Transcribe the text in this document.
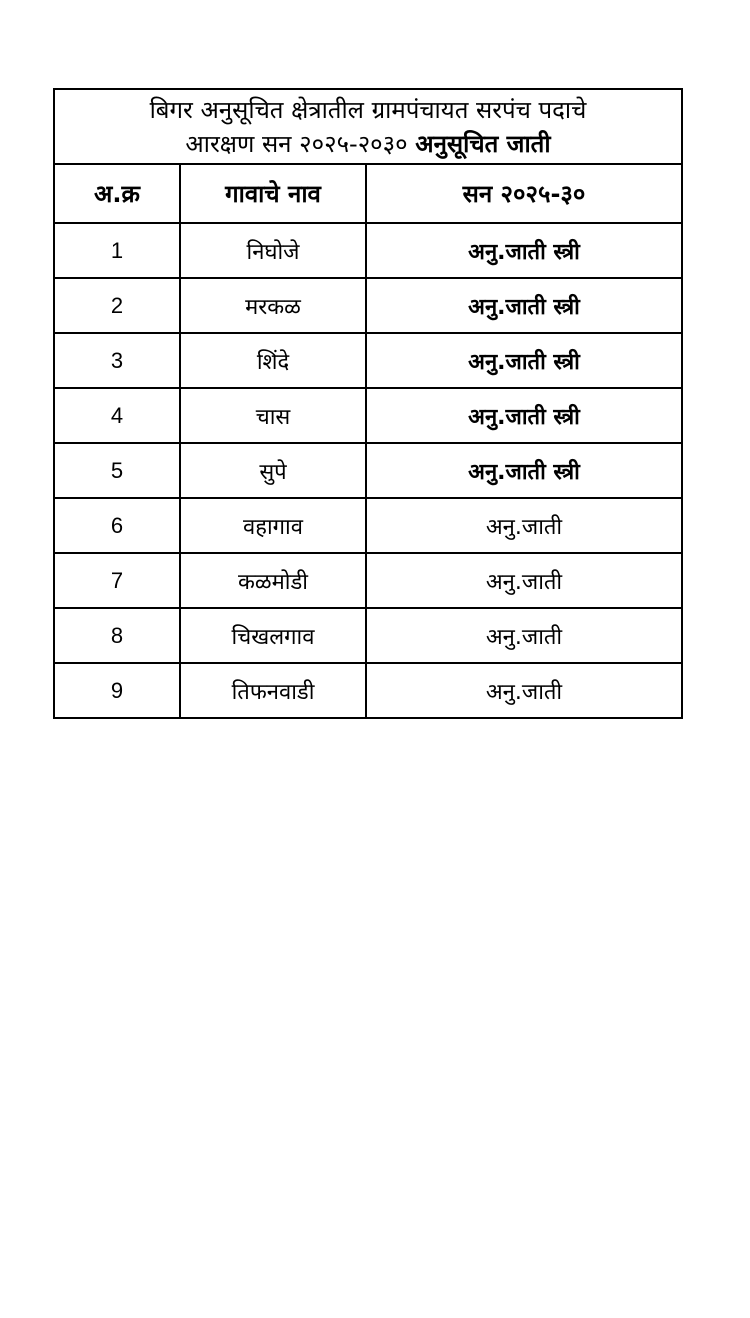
बिगर अनुसूचित क्षेत्रातील ग्रामपंचायत सरपंच पदाचे
आरक्षण सन २०२५-२०३० अनुसूचित जाती
अ.क्र	गावाचे नाव	सन २०२५-३०
1	निघोजे	अनु.जाती स्त्री
2	मरकळ	अनु.जाती स्त्री
3	शिंदे	अनु.जाती स्त्री
4	चास	अनु.जाती स्त्री
5	सुपे	अनु.जाती स्त्री
6	वहागाव	अनु.जाती
7	कळमोडी	अनु.जाती
8	चिखलगाव	अनु.जाती
9	तिफनवाडी	अनु.जाती
